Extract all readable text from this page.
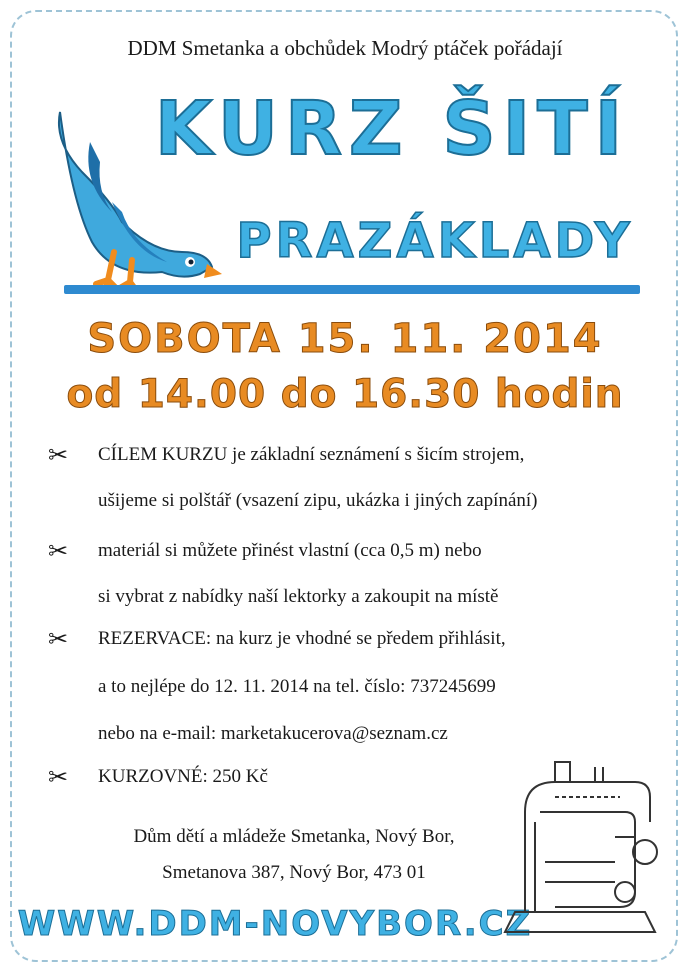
DDM Smetanka a obchůdek Modrý ptáček pořádají
KURZ ŠITÍ
PRAZÁKLADY
SOBOTA 15. 11. 2014
od 14.00 do 16.30 hodin
✂ CÍLEM KURZU je základní seznámení s šicím strojem,
ušijeme si polštář (vsazení zipu, ukázka i jiných zapínání)
✂ materiál si můžete přinést vlastní (cca 0,5 m) nebo
si vybrat z nabídky naší lektorky a zakoupit na místě
✂ REZERVACE: na kurz je vhodné se předem přihlásit,
a to nejlépe do 12. 11. 2014 na tel. číslo: 737245699
nebo na e-mail: marketakucerova@seznam.cz
✂ KURZOVNÉ: 250 Kč
Dům dětí a mládeže Smetanka, Nový Bor,
Smetanova 387, Nový Bor, 473 01
WWW.DDM-NOVYBOR.CZ
